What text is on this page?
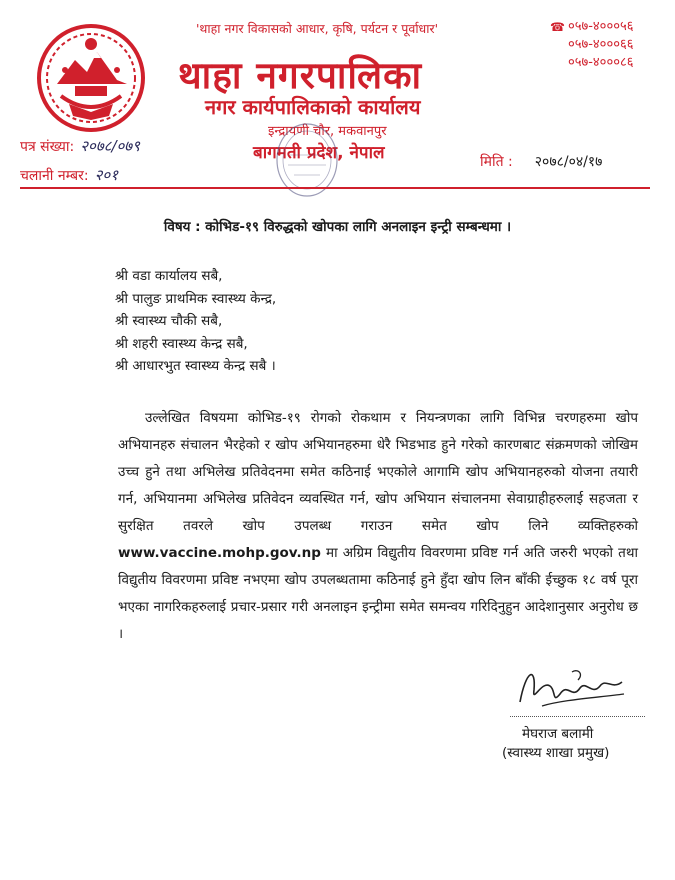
'थाहा नगर विकासको आधार, कृषि, पर्यटन र पूर्वाधार'
थाहा नगरपालिका
नगर कार्यपालिकाको कार्यालय
इन्द्रायणी चौर, मकवानपुर
बागमती प्रदेश, नेपाल
☎ ०५७-४०००५६
०५७-४०००६६
०५७-४०००८६
पत्र संख्या: २०७८/०७९
चलानी नम्बर: २०१
मिति : २०७८/०४/१७
विषय : कोभिड-१९ विरुद्धको खोपका लागि अनलाइन इन्ट्री सम्बन्धमा ।
श्री वडा कार्यालय सबै,
श्री पालुङ प्राथमिक स्वास्थ्य केन्द्र,
श्री स्वास्थ्य चौकी सबै,
श्री शहरी स्वास्थ्य केन्द्र सबै,
श्री आधारभुत स्वास्थ्य केन्द्र सबै ।

उल्लेखित विषयमा कोभिड-१९ रोगको रोकथाम र नियन्त्रणका लागि विभिन्न चरणहरुमा खोप अभियानहरु संचालन भैरहेको र खोप अभियानहरुमा धेरै भिडभाड हुने गरेको कारणबाट संक्रमणको जोखिम उच्च हुने तथा अभिलेख प्रतिवेदनमा समेत कठिनाई भएकोले आगामि खोप अभियानहरुको योजना तयारी गर्न, अभियानमा अभिलेख प्रतिवेदन व्यवस्थित गर्न, खोप अभियान संचालनमा सेवाग्राहीहरुलाई सहजता र सुरक्षित तवरले खोप उपलब्ध गराउन समेत खोप लिने व्यक्तिहरुको www.vaccine.mohp.gov.np मा अग्रिम विद्युतीय विवरणमा प्रविष्ट गर्न अति जरुरी भएको तथा विद्युतीय विवरणमा प्रविष्ट नभएमा खोप उपलब्धतामा कठिनाई हुने हुँदा खोप लिन बाँकी ईच्छुक १८ वर्ष पूरा भएका नागरिकहरुलाई प्रचार-प्रसार गरी अनलाइन इन्ट्रीमा समेत समन्वय गरिदिनुहुन आदेशानुसार अनुरोध छ ।

मेघराज बलामी
(स्वास्थ्य शाखा प्रमुख)
